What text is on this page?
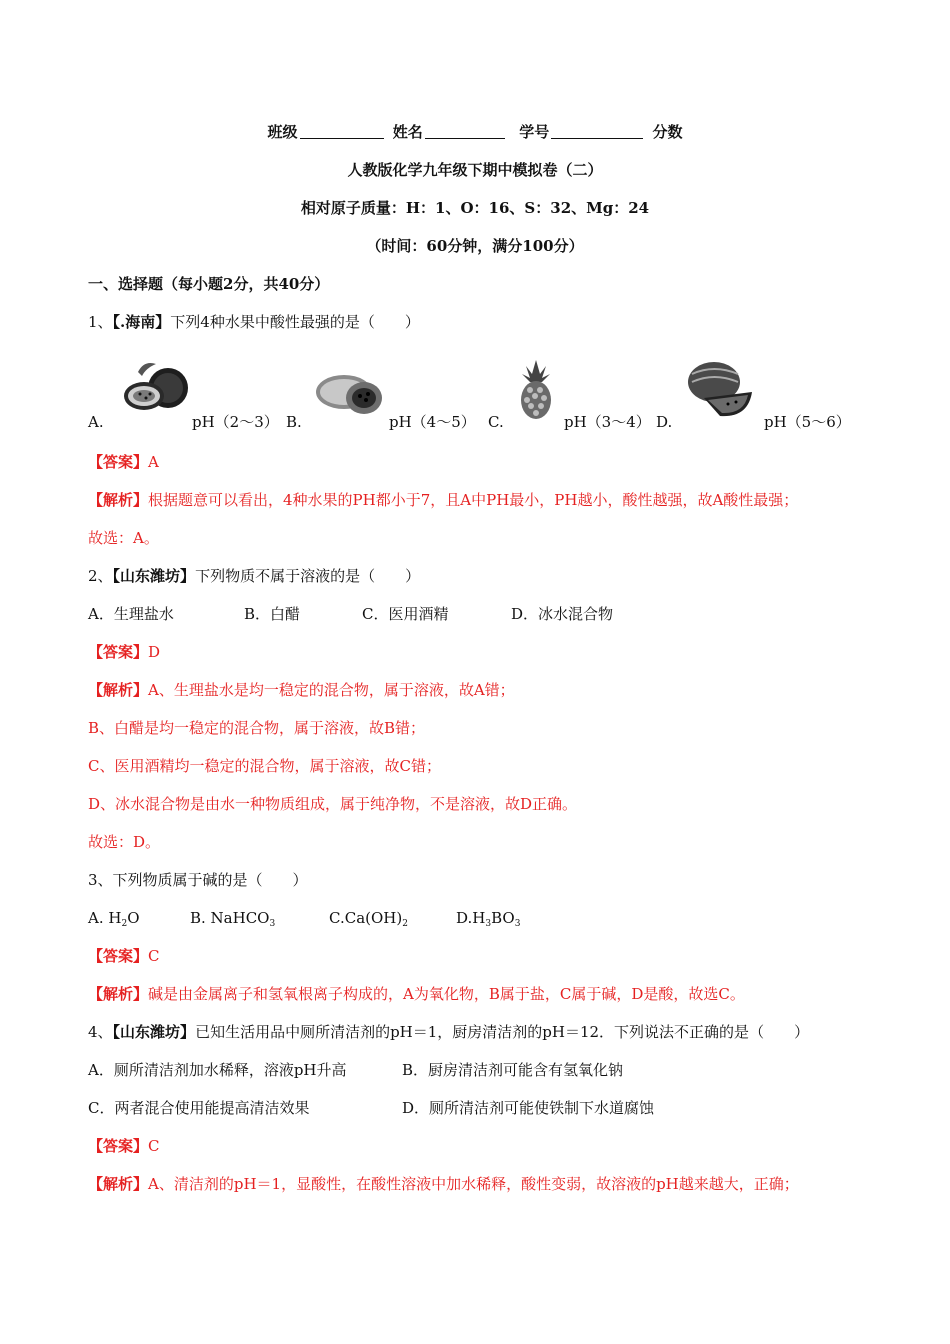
班级	姓名	学号	分数
人教版化学九年级下期中模拟卷（二）
相对原子质量：H：1、O：16、S：32、Mg：24
（时间：60分钟，满分100分）
一、选择题（每小题2分，共40分）
1、【.海南】下列4种水果中酸性最强的是（　　）
A.	pH（2～3） B.	pH（4～5） C.	pH（3～4） D.	pH（5～6）
【答案】A
【解析】根据题意可以看出，4种水果的PH都小于7，且A中PH最小，PH越小，酸性越强，故A酸性最强；
故选：A。
2、【山东潍坊】下列物质不属于溶液的是（　　）
A．生理盐水	B．白醋	C．医用酒精	D．冰水混合物
【答案】D
【解析】A、生理盐水是均一稳定的混合物，属于溶液，故A错；
B、白醋是均一稳定的混合物，属于溶液，故B错；
C、医用酒精均一稳定的混合物，属于溶液，故C错；
D、冰水混合物是由水一种物质组成，属于纯净物，不是溶液，故D正确。
故选：D。
3、下列物质属于碱的是（　　）
A. $H_2O$	B. NaHCO$_3$	$C.Ca(OH)_2$	$D.H_3BO_3$
【答案】C
【解析】碱是由金属离子和氢氧根离子构成的，A为氧化物，B属于盐，C属于碱，D是酸，故选C。
4、【山东潍坊】已知生活用品中厕所清洁剂的pH＝1，厨房清洁剂的pH＝12．下列说法不正确的是（　　）
A．厕所清洁剂加水稀释，溶液pH升高	B．厨房清洁剂可能含有氢氧化钠
C．两者混合使用能提高清洁效果	D．厕所清洁剂可能使铁制下水道腐蚀
【答案】C
【解析】A、清洁剂的pH＝1，显酸性，在酸性溶液中加水稀释，酸性变弱，故溶液的pH越来越大，正确；
